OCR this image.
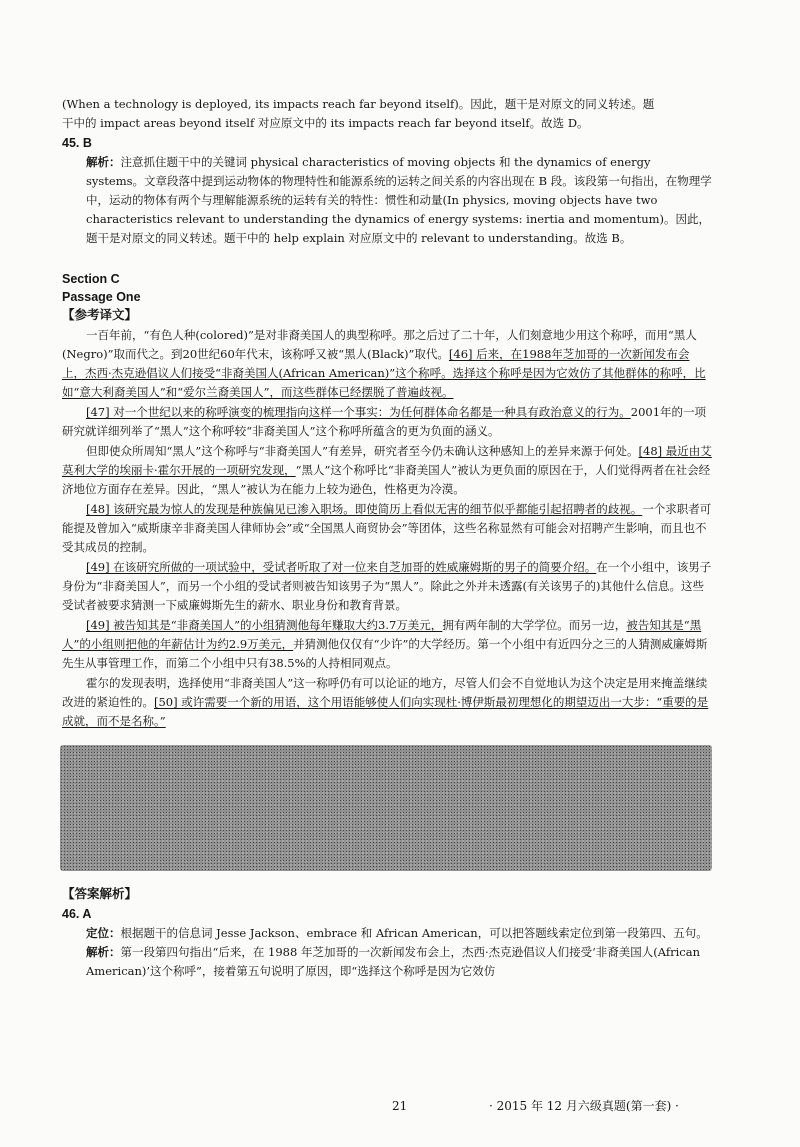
(When a technology is deployed, its impacts reach far beyond itself)。因此，题干是对原文的同义转述。题

干中的 impact areas beyond itself 对应原文中的 its impacts reach far beyond itself。故选 D。

45. B

解析：注意抓住题干中的关键词 physical characteristics of moving objects 和 the dynamics of energy systems。文章段落中提到运动物体的物理特性和能源系统的运转之间关系的内容出现在 B 段。该段第一句指出，在物理学中，运动的物体有两个与理解能源系统的运转有关的特性：惯性和动量(In physics, moving objects have two characteristics relevant to understanding the dynamics of energy systems: inertia and momentum)。因此，题干是对原文的同义转述。题干中的 help explain 对应原文中的 relevant to understanding。故选 B。

Section C

Passage One

【参考译文】

一百年前，“有色人种(colored)”是对非裔美国人的典型称呼。那之后过了二十年，人们刻意地少用这个称呼，而用“黑人(Negro)”取而代之。到20世纪60年代末，该称呼又被“黑人(Black)”取代。[46] 后来，在1988年芝加哥的一次新闻发布会上，杰西·杰克逊倡议人们接受“非裔美国人(African American)”这个称呼。选择这个称呼是因为它效仿了其他群体的称呼，比如“意大利裔美国人”和“爱尔兰裔美国人”，而这些群体已经摆脱了普遍歧视。

[47] 对一个世纪以来的称呼演变的梳理指向这样一个事实：为任何群体命名都是一种具有政治意义的行为。2001年的一项研究就详细列举了“黑人”这个称呼较“非裔美国人”这个称呼所蕴含的更为负面的涵义。

但即使众所周知“黑人”这个称呼与“非裔美国人”有差异，研究者至今仍未确认这种感知上的差异来源于何处。[48] 最近由艾莫利大学的埃丽卡·霍尔开展的一项研究发现，“黑人”这个称呼比“非裔美国人”被认为更负面的原因在于，人们觉得两者在社会经济地位方面存在差异。因此，“黑人”被认为在能力上较为逊色，性格更为冷漠。

[48] 该研究最为惊人的发现是种族偏见已渗入职场。即使简历上看似无害的细节似乎都能引起招聘者的歧视。一个求职者可能提及曾加入“威斯康辛非裔美国人律师协会”或“全国黑人商贸协会”等团体，这些名称显然有可能会对招聘产生影响，而且也不受其成员的控制。

[49] 在该研究所做的一项试验中，受试者听取了对一位来自芝加哥的姓威廉姆斯的男子的简要介绍。在一个小组中，该男子身份为“非裔美国人”，而另一个小组的受试者则被告知该男子为“黑人”。除此之外并未透露(有关该男子的)其他什么信息。这些受试者被要求猜测一下威廉姆斯先生的薪水、职业身份和教育背景。

[49] 被告知其是“非裔美国人”的小组猜测他每年赚取大约3.7万美元，拥有两年制的大学学位。而另一边，被告知其是“黑人”的小组则把他的年薪估计为约2.9万美元，并猜测他仅仅有“少许”的大学经历。第一个小组中有近四分之三的人猜测威廉姆斯先生从事管理工作，而第二个小组中只有38.5%的人持相同观点。

霍尔的发现表明，选择使用“非裔美国人”这一称呼仍有可以论证的地方，尽管人们会不自觉地认为这个决定是用来掩盖继续改进的紧迫性的。[50] 或许需要一个新的用语，这个用语能够使人们向实现杜·博伊斯最初理想化的期望迈出一大步：“重要的是成就，而不是名称。”

【答案解析】

46. A

定位：根据题干的信息词 Jesse Jackson、embrace 和 African American，可以把答题线索定位到第一段第四、五句。

解析：第一段第四句指出“后来，在 1988 年芝加哥的一次新闻发布会上，杰西·杰克逊倡议人们接受‘非裔美国人(African American)’这个称呼”，接着第五句说明了原因，即“选择这个称呼是因为它效仿

21	· 2015 年 12 月六级真题(第一套) ·
